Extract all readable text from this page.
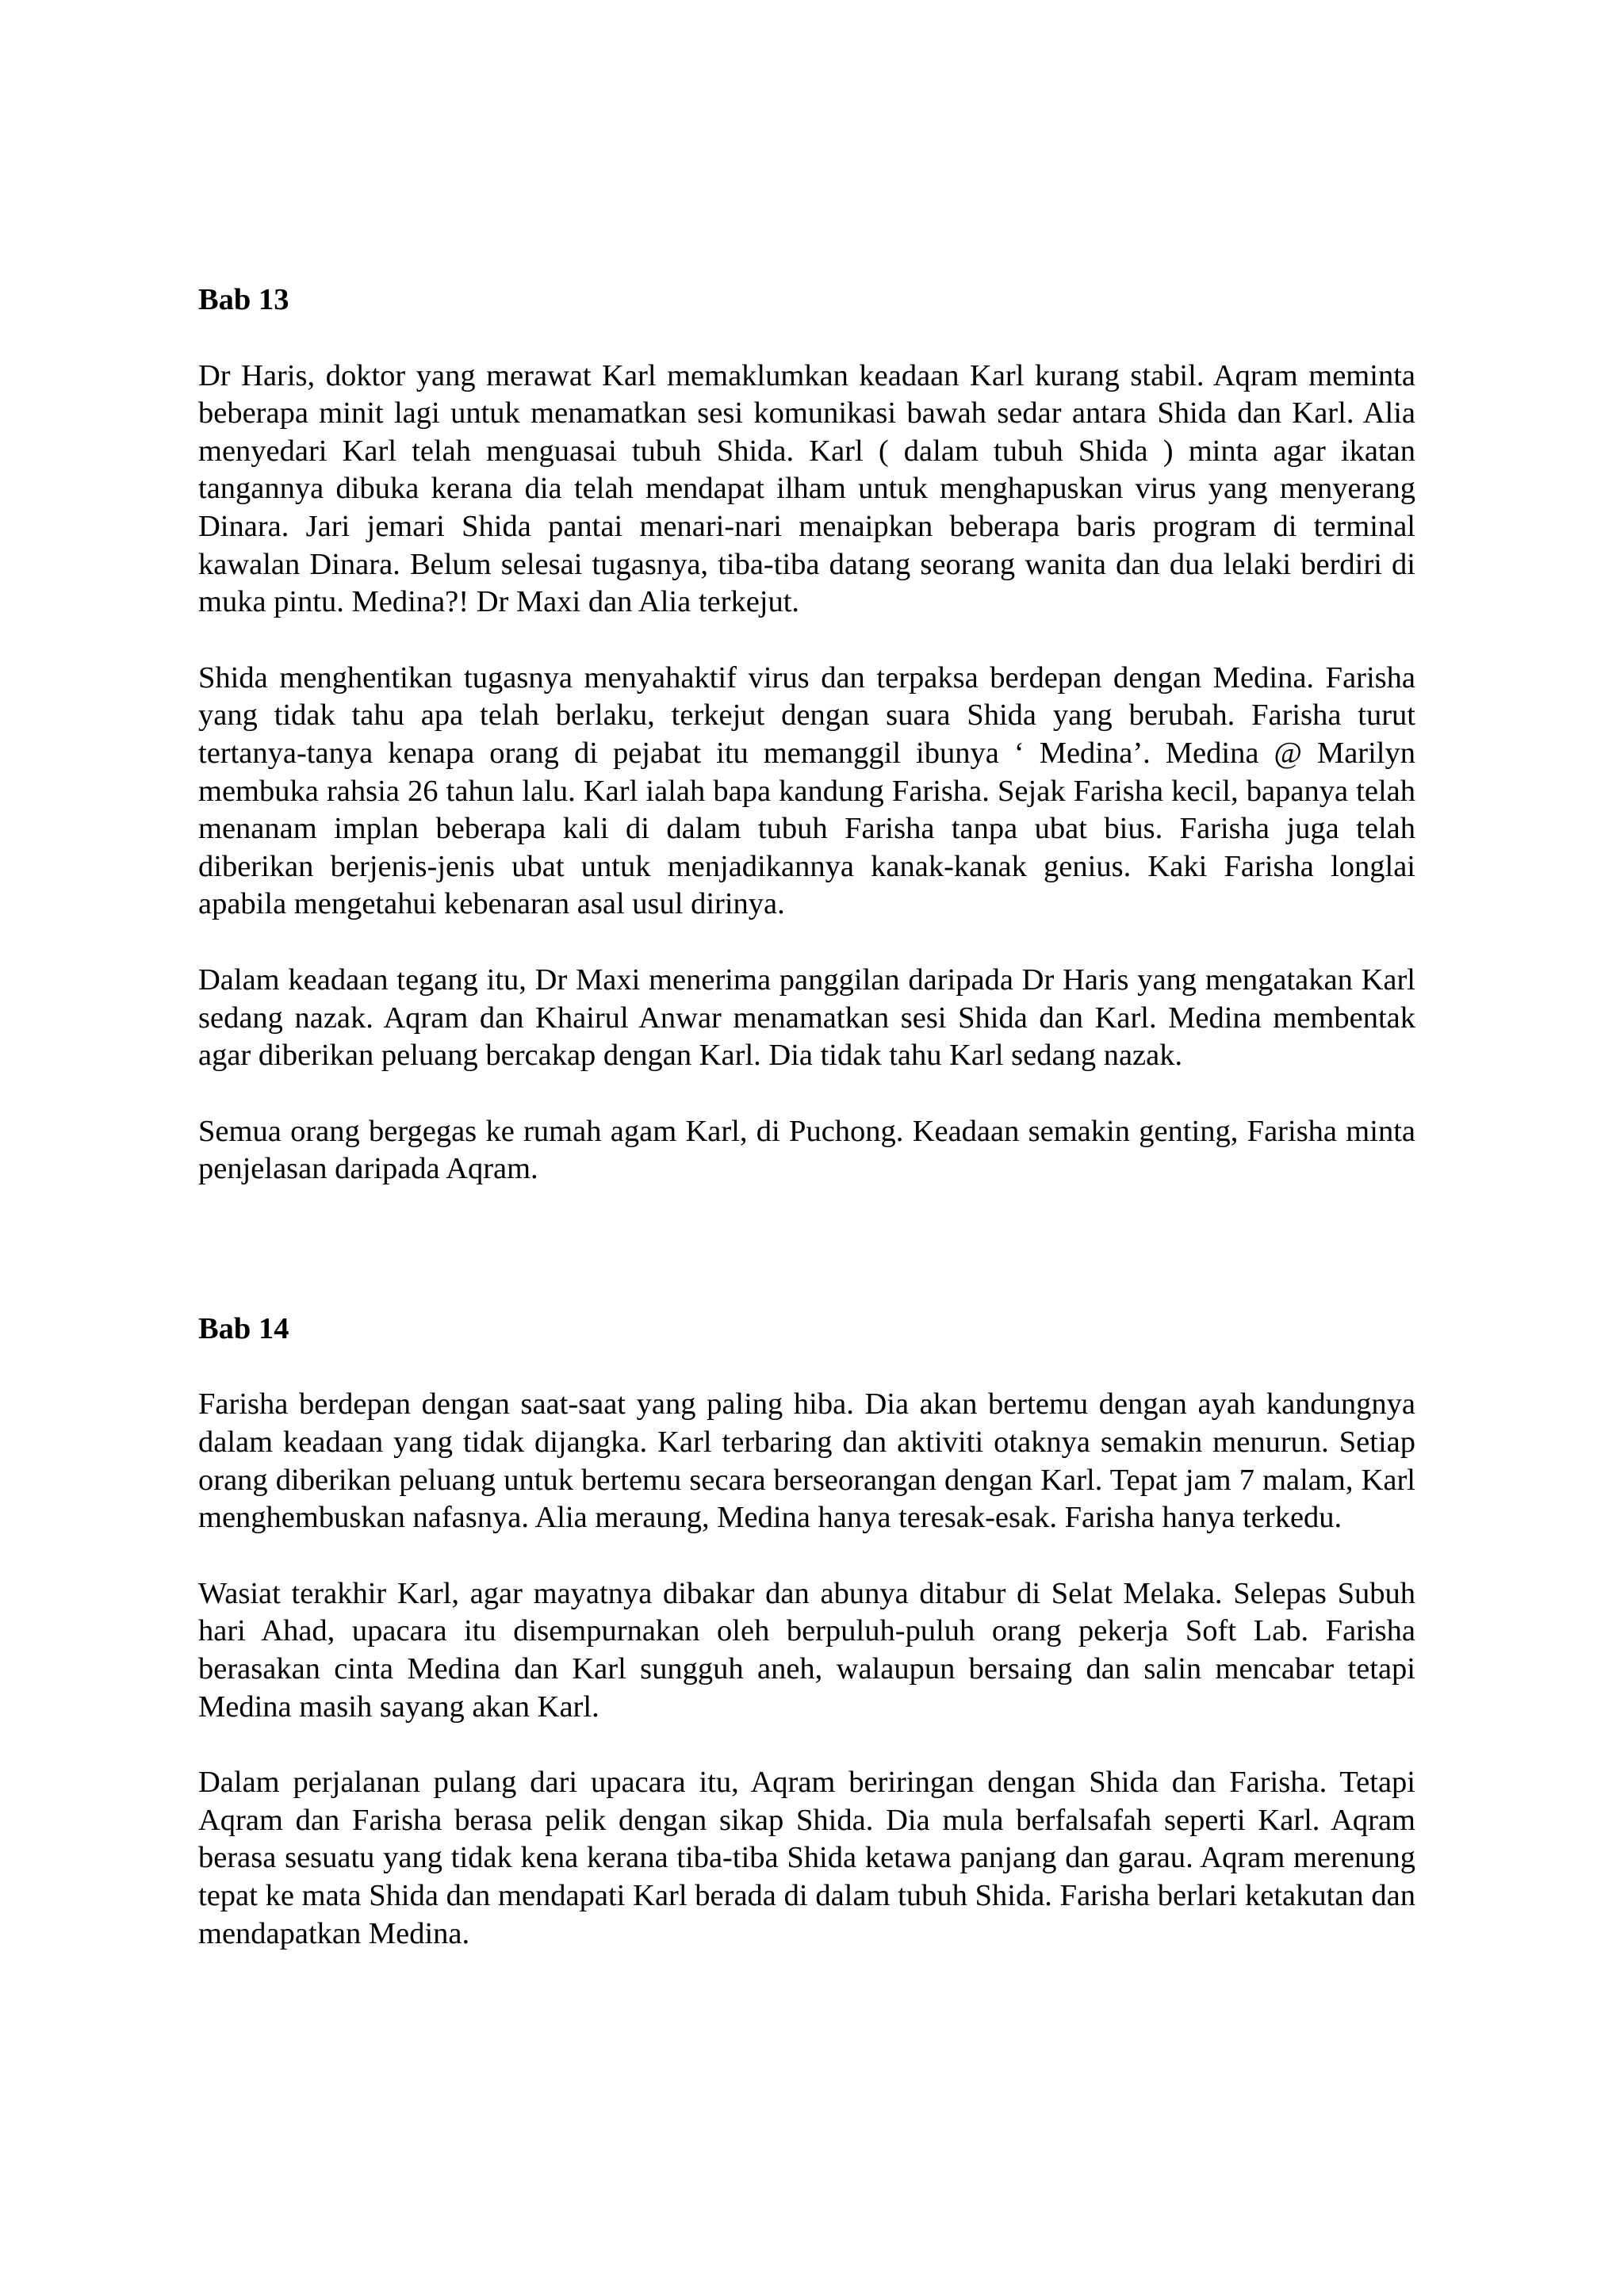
Bab 13

Dr Haris, doktor yang merawat Karl memaklumkan keadaan Karl kurang stabil. Aqram meminta beberapa minit lagi untuk menamatkan sesi komunikasi bawah sedar antara Shida dan Karl. Alia menyedari Karl telah menguasai tubuh Shida. Karl ( dalam tubuh Shida ) minta agar ikatan tangannya dibuka kerana dia telah mendapat ilham untuk menghapuskan virus yang menyerang Dinara. Jari jemari Shida pantai menari-nari menaipkan beberapa baris program di terminal kawalan Dinara. Belum selesai tugasnya, tiba-tiba datang seorang wanita dan dua lelaki berdiri di muka pintu. Medina?! Dr Maxi dan Alia terkejut.

Shida menghentikan tugasnya menyahaktif virus dan terpaksa berdepan dengan Medina. Farisha yang tidak tahu apa telah berlaku, terkejut dengan suara Shida yang berubah. Farisha turut tertanya-tanya kenapa orang di pejabat itu memanggil ibunya ‘ Medina’. Medina @ Marilyn membuka rahsia 26 tahun lalu. Karl ialah bapa kandung Farisha. Sejak Farisha kecil, bapanya telah menanam implan beberapa kali di dalam tubuh Farisha tanpa ubat bius. Farisha juga telah diberikan berjenis-jenis ubat untuk menjadikannya kanak-kanak genius. Kaki Farisha longlai apabila mengetahui kebenaran asal usul dirinya.

Dalam keadaan tegang itu, Dr Maxi menerima panggilan daripada Dr Haris yang mengatakan Karl sedang nazak. Aqram dan Khairul Anwar menamatkan sesi Shida dan Karl. Medina membentak agar diberikan peluang bercakap dengan Karl. Dia tidak tahu Karl sedang nazak.

Semua orang bergegas ke rumah agam Karl, di Puchong. Keadaan semakin genting, Farisha minta penjelasan daripada Aqram.

Bab 14

Farisha berdepan dengan saat-saat yang paling hiba. Dia akan bertemu dengan ayah kandungnya dalam keadaan yang tidak dijangka. Karl terbaring dan aktiviti otaknya semakin menurun. Setiap orang diberikan peluang untuk bertemu secara berseorangan dengan Karl. Tepat jam 7 malam, Karl menghembuskan nafasnya. Alia meraung, Medina hanya teresak-esak. Farisha hanya terkedu.

Wasiat terakhir Karl, agar mayatnya dibakar dan abunya ditabur di Selat Melaka. Selepas Subuh hari Ahad, upacara itu disempurnakan oleh berpuluh-puluh orang pekerja Soft Lab. Farisha berasakan cinta Medina dan Karl sungguh aneh, walaupun bersaing dan salin mencabar tetapi Medina masih sayang akan Karl.

Dalam perjalanan pulang dari upacara itu, Aqram beriringan dengan Shida dan Farisha. Tetapi Aqram dan Farisha berasa pelik dengan sikap Shida. Dia mula berfalsafah seperti Karl. Aqram berasa sesuatu yang tidak kena kerana tiba-tiba Shida ketawa panjang dan garau. Aqram merenung tepat ke mata Shida dan mendapati Karl berada di dalam tubuh Shida. Farisha berlari ketakutan dan mendapatkan Medina.
